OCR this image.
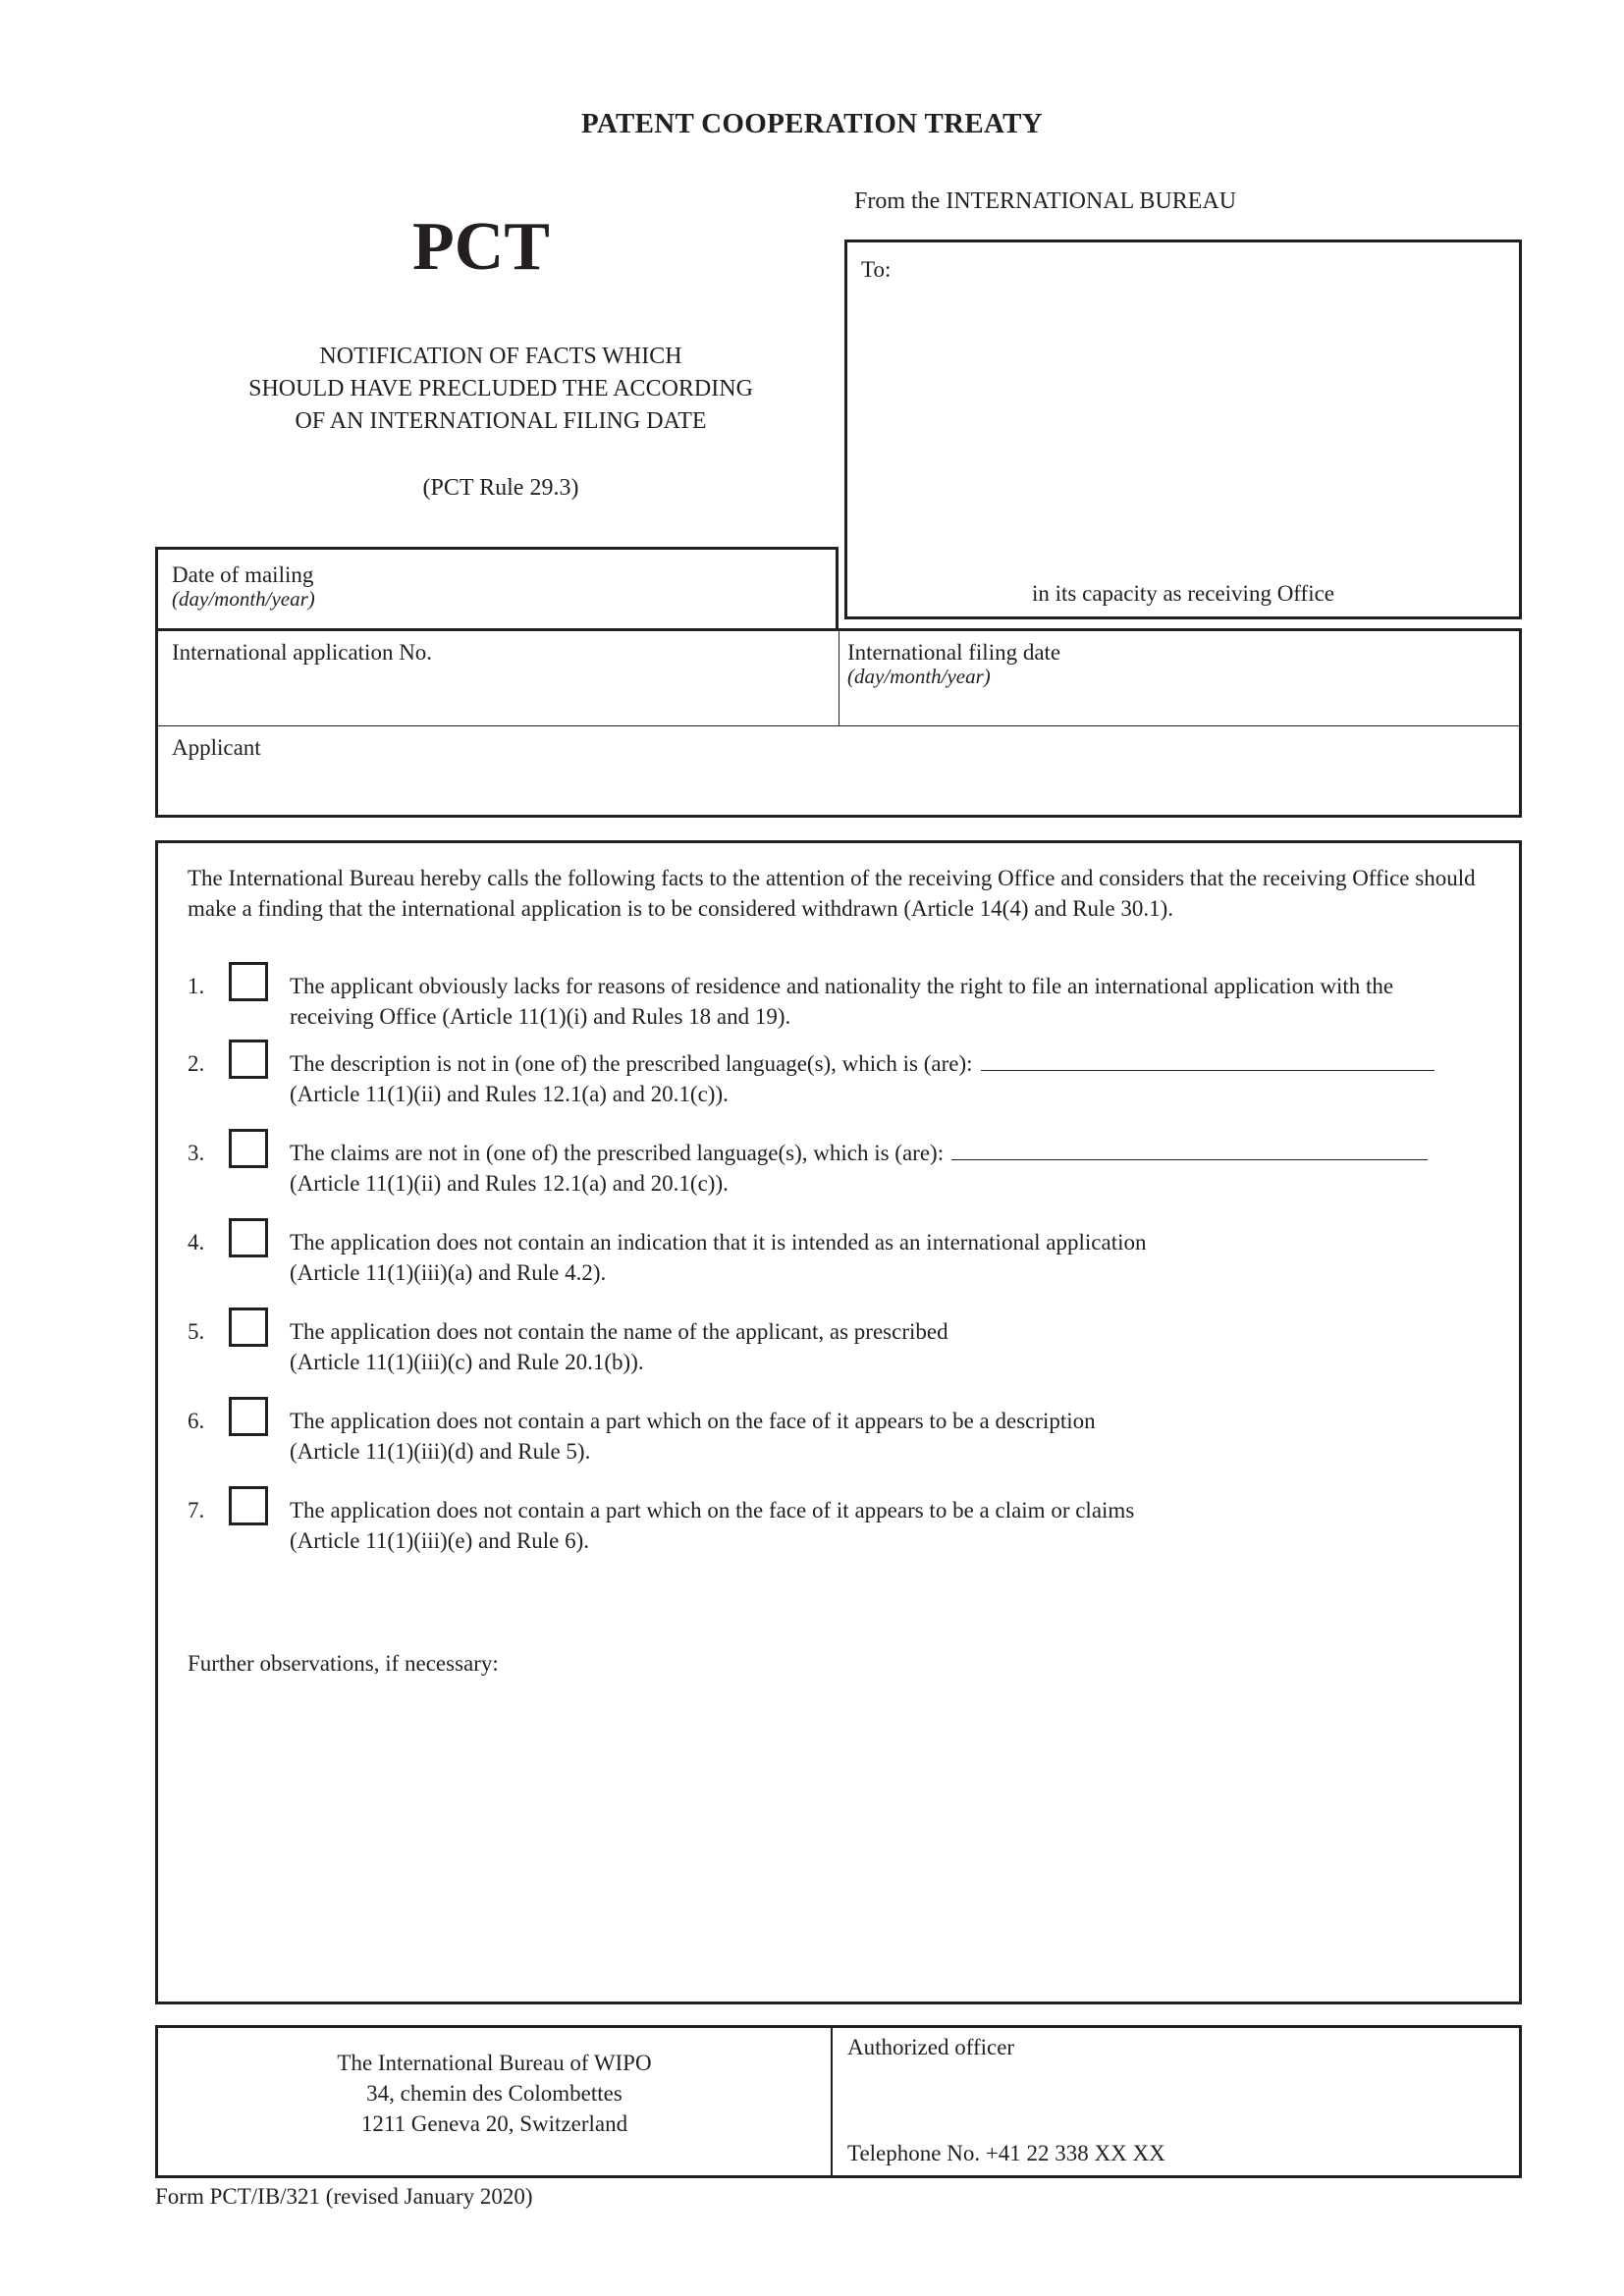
PATENT COOPERATION TREATY
PCT
NOTIFICATION OF FACTS WHICH
SHOULD HAVE PRECLUDED THE ACCORDING
OF AN INTERNATIONAL FILING DATE
(PCT Rule 29.3)
From the INTERNATIONAL BUREAU
To:
in its capacity as receiving Office
Date of mailing
(day/month/year)
International application No.	International filing date
(day/month/year)
Applicant
The International Bureau hereby calls the following facts to the attention of the receiving Office and considers that the receiving Office should make a finding that the international application is to be considered withdrawn (Article 14(4) and Rule 30.1).
1.	The applicant obviously lacks for reasons of residence and nationality the right to file an international application with the
receiving Office (Article 11(1)(i) and Rules 18 and 19).
2.	The description is not in (one of) the prescribed language(s), which is (are):
(Article 11(1)(ii) and Rules 12.1(a) and 20.1(c)).
3.	The claims are not in (one of) the prescribed language(s), which is (are):
(Article 11(1)(ii) and Rules 12.1(a) and 20.1(c)).
4.	The application does not contain an indication that it is intended as an international application
(Article 11(1)(iii)(a) and Rule 4.2).
5.	The application does not contain the name of the applicant, as prescribed
(Article 11(1)(iii)(c) and Rule 20.1(b)).
6.	The application does not contain a part which on the face of it appears to be a description
(Article 11(1)(iii)(d) and Rule 5).
7.	The application does not contain a part which on the face of it appears to be a claim or claims
(Article 11(1)(iii)(e) and Rule 6).
Further observations, if necessary:
The International Bureau of WIPO
34, chemin des Colombettes
1211 Geneva 20, Switzerland
Authorized officer
Telephone No. +41 22 338 XX XX
Form PCT/IB/321 (revised January 2020)
